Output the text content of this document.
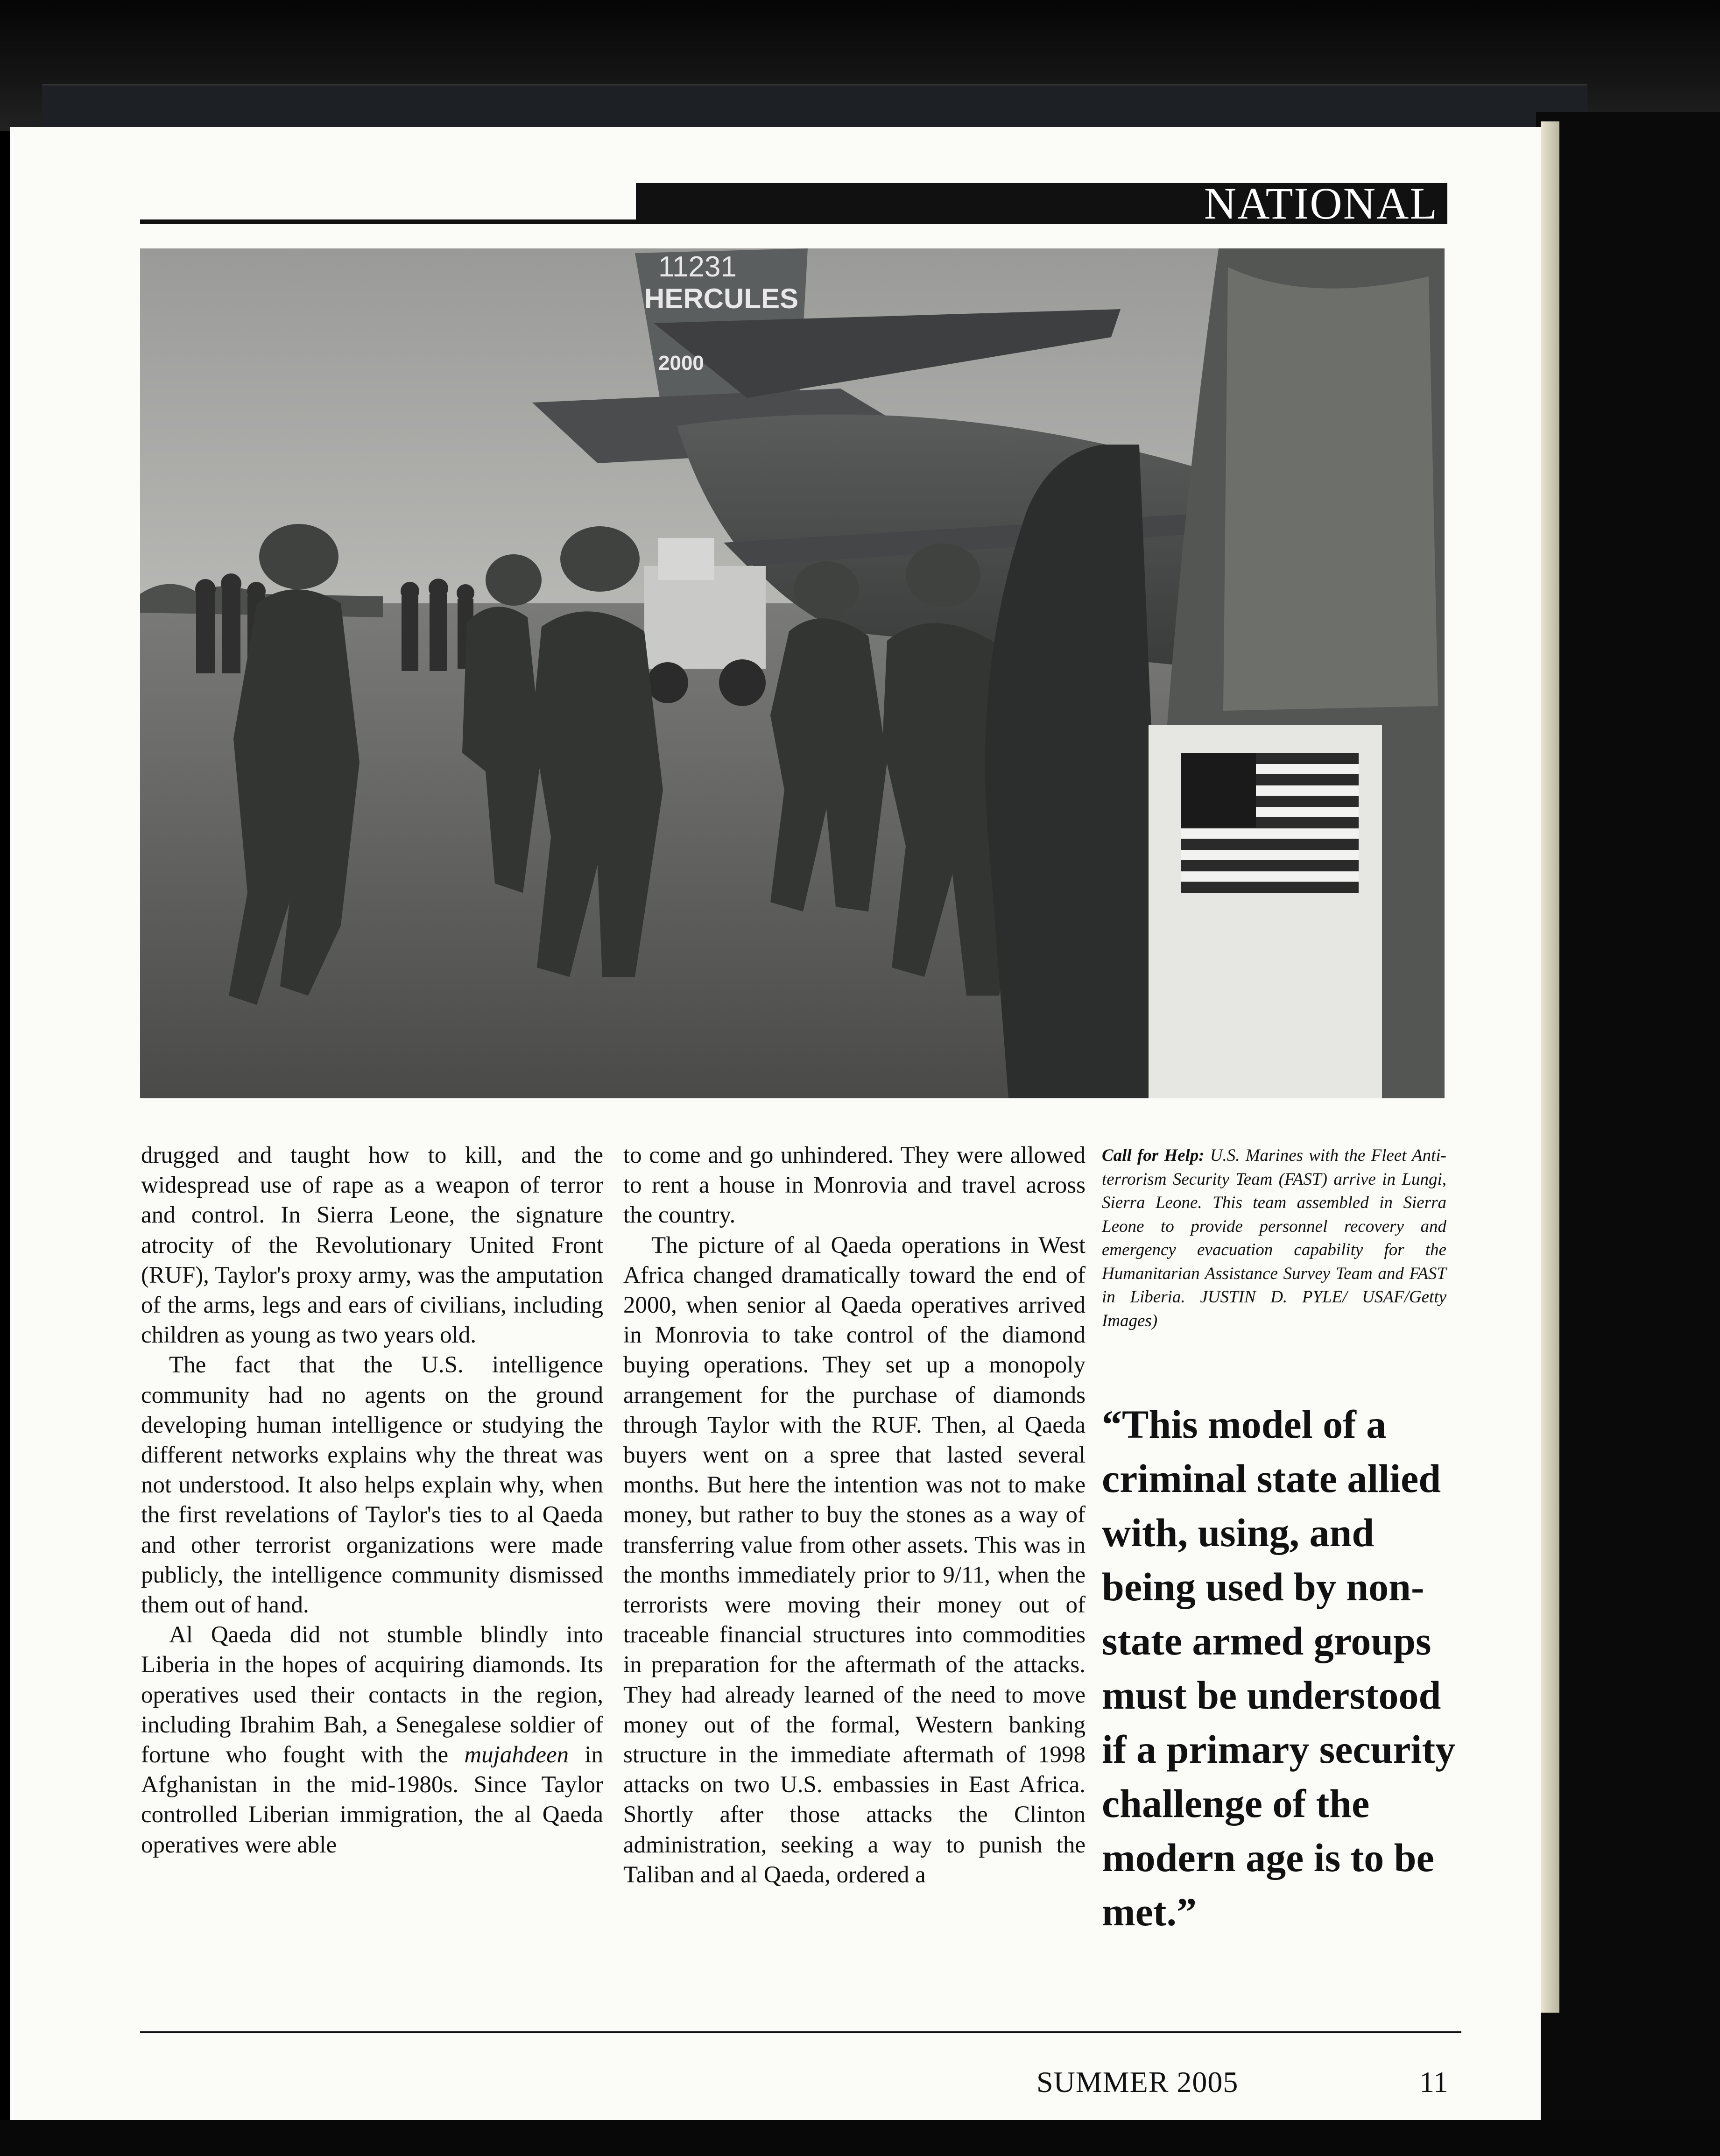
NATIONAL
11231
HERCULES
2000

drugged and taught how to kill, and the widespread use of rape as a weapon of terror and control. In Sierra Leone, the signature atrocity of the Revolutionary United Front (RUF), Taylor's proxy army, was the amputation of the arms, legs and ears of civilians, including children as young as two years old.

The fact that the U.S. intelligence community had no agents on the ground developing human intelligence or studying the different networks explains why the threat was not understood. It also helps explain why, when the first revelations of Taylor's ties to al Qaeda and other terrorist organizations were made publicly, the intelligence community dismissed them out of hand.

Al Qaeda did not stumble blindly into Liberia in the hopes of acquiring diamonds. Its operatives used their contacts in the region, including Ibrahim Bah, a Senegalese soldier of fortune who fought with the mujahdeen in Afghanistan in the mid-1980s. Since Taylor controlled Liberian immigration, the al Qaeda operatives were able

to come and go unhindered. They were allowed to rent a house in Monrovia and travel across the country.

The picture of al Qaeda operations in West Africa changed dramatically toward the end of 2000, when senior al Qaeda operatives arrived in Monrovia to take control of the diamond buying operations. They set up a monopoly arrangement for the purchase of diamonds through Taylor with the RUF. Then, al Qaeda buyers went on a spree that lasted several months. But here the intention was not to make money, but rather to buy the stones as a way of transferring value from other assets. This was in the months immediately prior to 9/11, when the terrorists were moving their money out of traceable financial structures into commodities in preparation for the aftermath of the attacks. They had already learned of the need to move money out of the formal, Western banking structure in the immediate aftermath of 1998 attacks on two U.S. embassies in East Africa. Shortly after those attacks the Clinton administration, seeking a way to punish the Taliban and al Qaeda, ordered a

Call for Help: U.S. Marines with the Fleet Anti-terrorism Security Team (FAST) arrive in Lungi, Sierra Leone. This team assembled in Sierra Leone to provide personnel recovery and emergency evacuation capability for the Humanitarian Assistance Survey Team and FAST in Liberia. JUSTIN D. PYLE/ USAF/Getty Images)
“This model of a criminal state allied with, using, and being used by non-state armed groups must be understood if a primary security challenge of the modern age is to be met.”
SUMMER 2005	11
